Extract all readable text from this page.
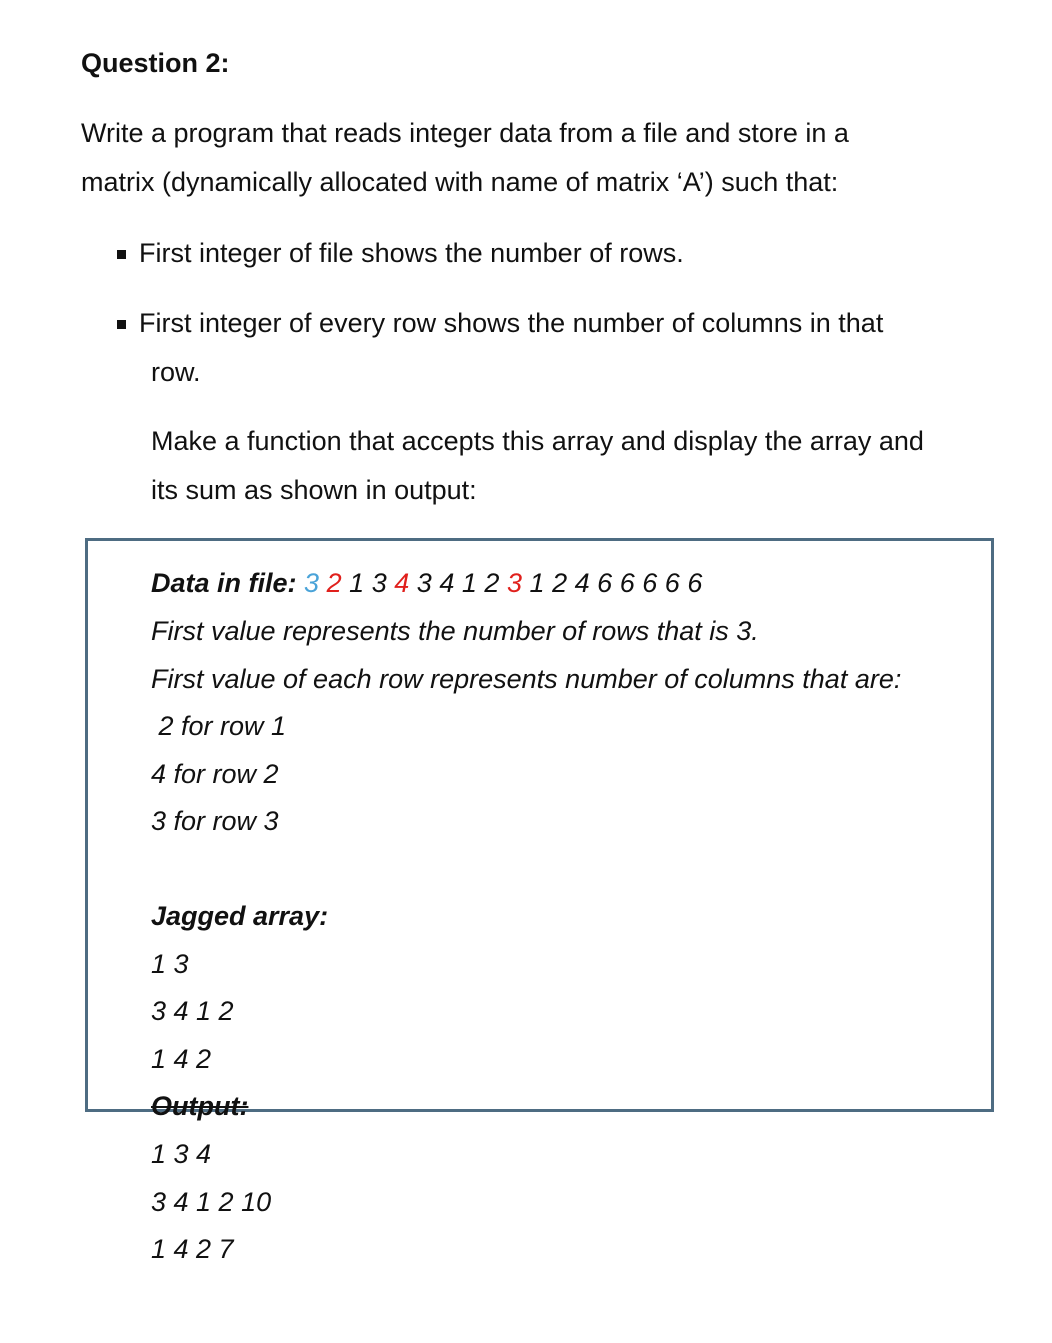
Question 2:
Write a program that reads integer data from a file and store in a
matrix (dynamically allocated with name of matrix ‘A’) such that:
First integer of file shows the number of rows.
First integer of every row shows the number of columns in that
row.
Make a function that accepts this array and display the array and
its sum as shown in output:
Data in file: 3 2 1 3 4 3 4 1 2 3 1 2 4 6 6 6 6 6
First value represents the number of rows that is 3.
First value of each row represents number of columns that are:
2 for row 1
4 for row 2
3 for row 3
Jagged array:
1 3
3 4 1 2
1 4 2
Output:
1 3 4
3 4 1 2 10
1 4 2 7
